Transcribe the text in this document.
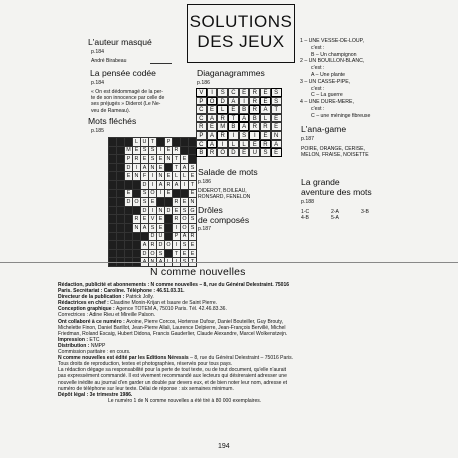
SOLUTIONS
DES JEUX
L'auteur masqué
p.184
André Birabeau
La pensée codée
p.184
« On est dédommagé de la per-
te de son innocence par celle de
ses préjugés » Diderot (Le Ne-
veu de Rameau).
Mots fléchés
p.185
			L	U	T		P			
		M	E	S	S	I	E	R		
		P	R	E	S	E	N	T	E	
		D	I	A	N	E		T	A	S
		E	N	F	I	N	E	L	L	E
				D	I	A	R	A	I	T
		E		S	O	I	E			E
		D	O	S	E			R	E	N
				D	I	N	D	E	S	G
			R	E	V	E		R	O	S
			N	A	S	E		I	O	S
					D	U		P	A	R
				A	R	D	O	I	S	E
				D	O	S		T	E	E

Diaganagrammes
p.186
V	I	S	C	E	R	E	S

P	O	D	A	I	R	E	S

C	E	L	E	B	R	A	T

C	A	R	T	A	B	L	E

R	E	M	B	A	R	R	E

P	A	R	I	S	I	E	N

C	A	I	L	L	E	R	A

B	R	O	D	E	U	S	E
Salade de mots
p.186
DIDEROT, BOILEAU,
RONSARD, FENELON
Drôles
de composés
p.187
1 – UNE VESSE-DE-LOUP,
c'est :
B – Un champignon
2 – UN BOUILLON-BLANC,
c'est :
A – Une plante
3 – UN CASSE-PIPE,
c'est :
C – La guerre
4 – UNE DURE-MERE,
c'est :
C – une méninge fibreuse
L'ana-game
p.187
POIRE, ORANGE, CERISE,
MELON, FRAISE, NOISETTE
La grande
aventure des mots
p.188
1-C	2-A	3-B
4-B	5-A
N comme nouvelles

Rédaction, publicité et abonnements : N comme nouvelles – 8, rue du Général Delestraint. 75016

Paris. Secrétariat : Caroline. Téléphone : 46.51.03.31.

Directeur de la publication : Patrick Jolly.

Rédactrices en chef : Claudine Monin-Krijan et Isaure de Saint Pierre.

Conception graphique : Agence TOTEM A, 75010 Paris. Tél. 42.46.83.36.

Correctrices : Adine Rieu et Mireille Palson.

Ont collaboré à ce numéro : Avoine, Pierre Corcos, Hortense Dufour, Daniel Bouteiller, Guy Brouty,

Michelette Finon, Daniel Barillot, Jean-Pierre Allali, Laurence Delpierre, Jean-François Bervillé, Michel

Friedman, Roland Escaig, Hubert Didona, Francis Gauderlier, Claude Alexandre, Marcel Wolkenstzejn.

Impression : ETC

Distribution : NMPP

Commission paritaire : en cours.

N comme nouvelles est édité par les Editions Néressis – 8, rue du Général Delestraint – 75016 Paris.

Tous droits de reproduction, textes et photographies, réservés pour tous pays.

La rédaction dégage sa responsabilité pour la perte de tout texte, ou de tout document, qu'elle n'aurait

pas expressément commandé. Il est vivement recommandé aux lecteurs qui désireraient adresser une

nouvelle inédite au journal d'en garder un double par devers eux, et de bien noter leur nom, adresse et

numéro de téléphone sur leur texte. Délai de réponse : six semaines minimum.

Dépôt légal : 3e trimestre 1986.

Le numéro 1 de N comme nouvelles a été tiré à 80 000 exemplaires.

194
